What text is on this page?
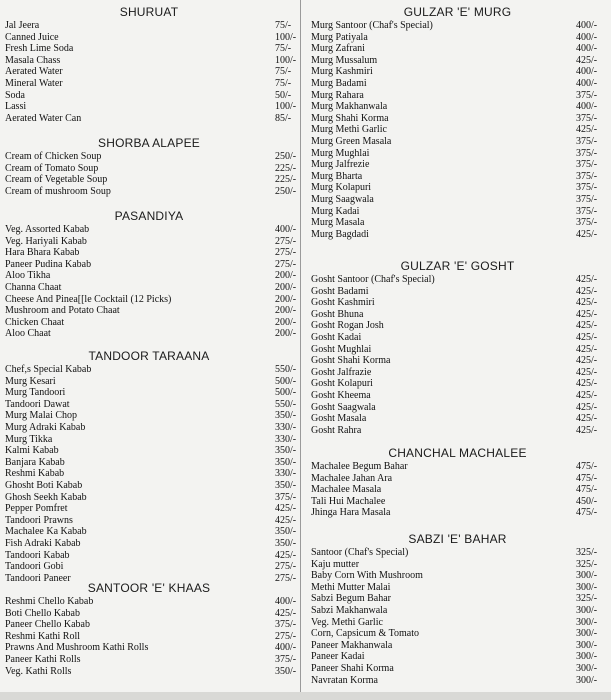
SHURUAT
Jal Jeera	75/-
Canned Juice	100/-
Fresh Lime Soda	75/-
Masala Chass	100/-
Aerated Water	75/-
Mineral Water	75/-
Soda	50/-
Lassi	100/-
Aerated Water Can	85/-
SHORBA ALAPEE
Cream of Chicken Soup	250/-
Cream of Tomato Soup	225/-
Cream of Vegetable Soup	225/-
Cream of mushroom Soup	250/-
PASANDIYA
Veg. Assorted Kabab	400/-
Veg. Hariyali Kabab	275/-
Hara Bhara Kabab	275/-
Paneer Pudina Kabab	275/-
Aloo Tikha	200/-
Channa Chaat	200/-
Cheese And Pinea[[le Cocktail (12 Picks)	200/-
Mushroom and Potato Chaat	200/-
Chicken Chaat	200/-
Aloo Chaat	200/-
TANDOOR TARAANA
Chef,s Special Kabab	550/-
Murg Kesari	500/-
Murg Tandoori	500/-
Tandoori Dawat	550/-
Murg Malai Chop	350/-
Murg Adraki Kabab	330/-
Murg Tikka	330/-
Kalmi Kabab	350/-
Banjara Kabab	350/-
Reshmi Kabab	330/-
Ghosht Boti Kabab	350/-
Ghosh Seekh Kabab	375/-
Pepper Pomfret	425/-
Tandoori Prawns	425/-
Machalee Ka Kabab	350/-
Fish Adraki Kabab	350/-
Tandoori Kabab	425/-
Tandoori Gobi	275/-
Tandoori Paneer	275/-
SANTOOR 'E' KHAAS
Reshmi Chello Kabab	400/-
Boti Chello Kabab	425/-
Paneer Chello Kabab	375/-
Reshmi Kathi Roll	275/-
Prawns And Mushroom Kathi Rolls	400/-
Paneer Kathi Rolls	375/-
Veg. Kathi Rolls	350/-
GULZAR 'E' MURG
Murg Santoor (Chaf's Special)	400/-
Murg Patiyala	400/-
Murg Zafrani	400/-
Murg Mussalum	425/-
Murg Kashmiri	400/-
Murg Badami	400/-
Murg Rahara	375/-
Murg Makhanwala	400/-
Murg Shahi Korma	375/-
Murg Methi Garlic	425/-
Murg Green Masala	375/-
Murg Mughlai	375/-
Murg Jalfrezie	375/-
Murg Bharta	375/-
Murg Kolapuri	375/-
Murg Saagwala	375/-
Murg Kadai	375/-
Murg Masala	375/-
Murg Bagdadi	425/-
GULZAR 'E' GOSHT
Gosht Santoor (Chaf's Special)	425/-
Gosht Badami	425/-
Gosht Kashmiri	425/-
Gosht Bhuna	425/-
Gosht Rogan Josh	425/-
Gosht Kadai	425/-
Gosht Mughlai	425/-
Gosht Shahi Korma	425/-
Gosht Jalfrazie	425/-
Gosht Kolapuri	425/-
Gosht Kheema	425/-
Gosht Saagwala	425/-
Gosht Masala	425/-
Gosht Rahra	425/-
CHANCHAL MACHALEE
Machalee Begum Bahar	475/-
Machalee Jahan Ara	475/-
Machalee Masala	475/-
Tali Hui Machalee	450/-
Jhinga Hara Masala	475/-
SABZI 'E' BAHAR
Santoor (Chaf's Special)	325/-
Kaju mutter	325/-
Baby Corn With Mushroom	300/-
Methi Mutter Malai	300/-
Sabzi Begum Bahar	325/-
Sabzi Makhanwala	300/-
Veg. Methi Garlic	300/-
Corn, Capsicum & Tomato	300/-
Paneer Makhanwala	300/-
Paneer Kadai	300/-
Paneer Shahi Korma	300/-
Navratan Korma	300/-
